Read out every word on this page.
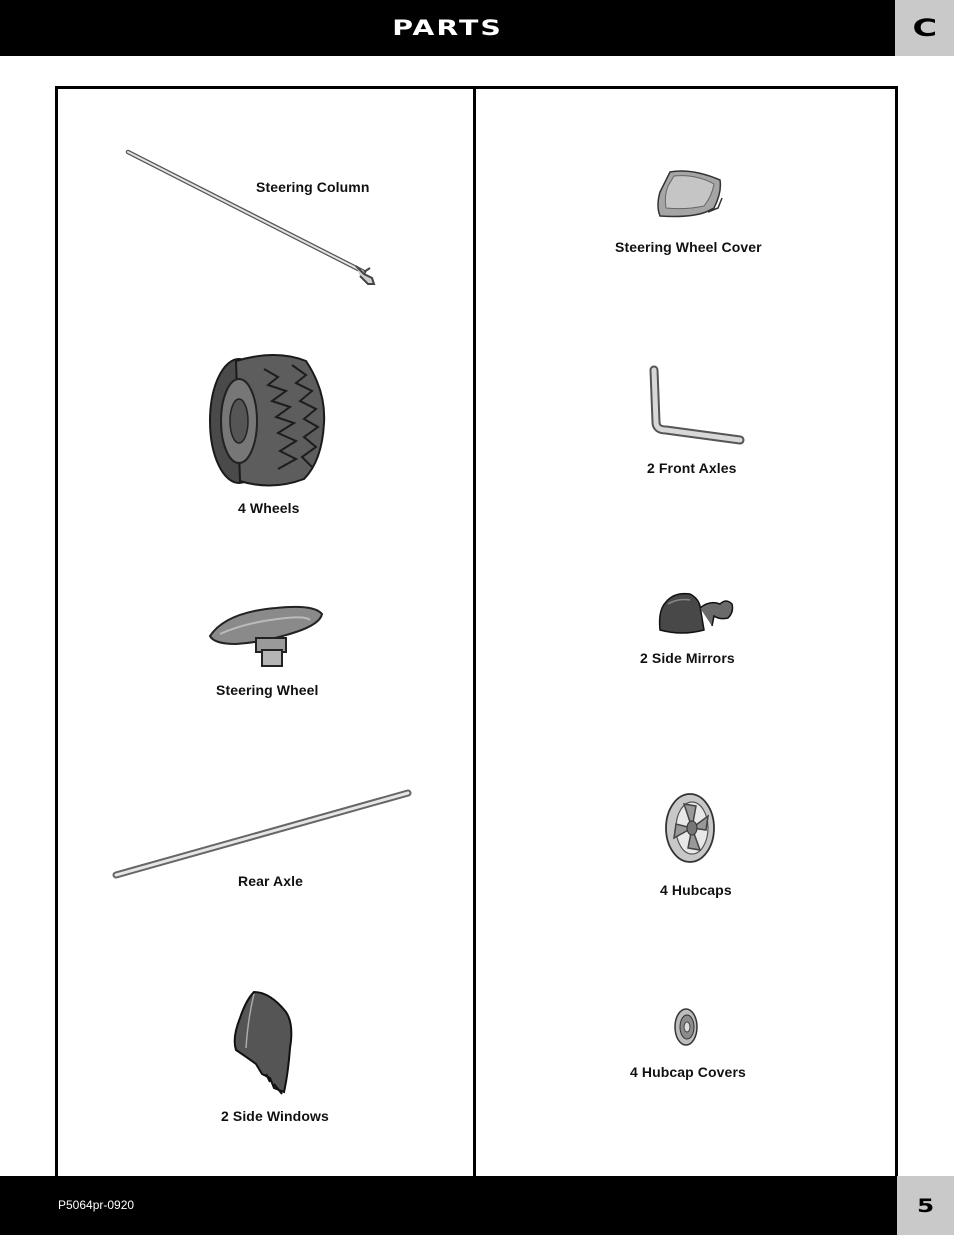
PARTS	C
Steering Column
4 Wheels
Steering Wheel
Rear Axle
2 Side Windows
Steering Wheel Cover
2 Front Axles
2 Side Mirrors
4 Hubcaps
4 Hubcap Covers
P5064pr-0920	5
